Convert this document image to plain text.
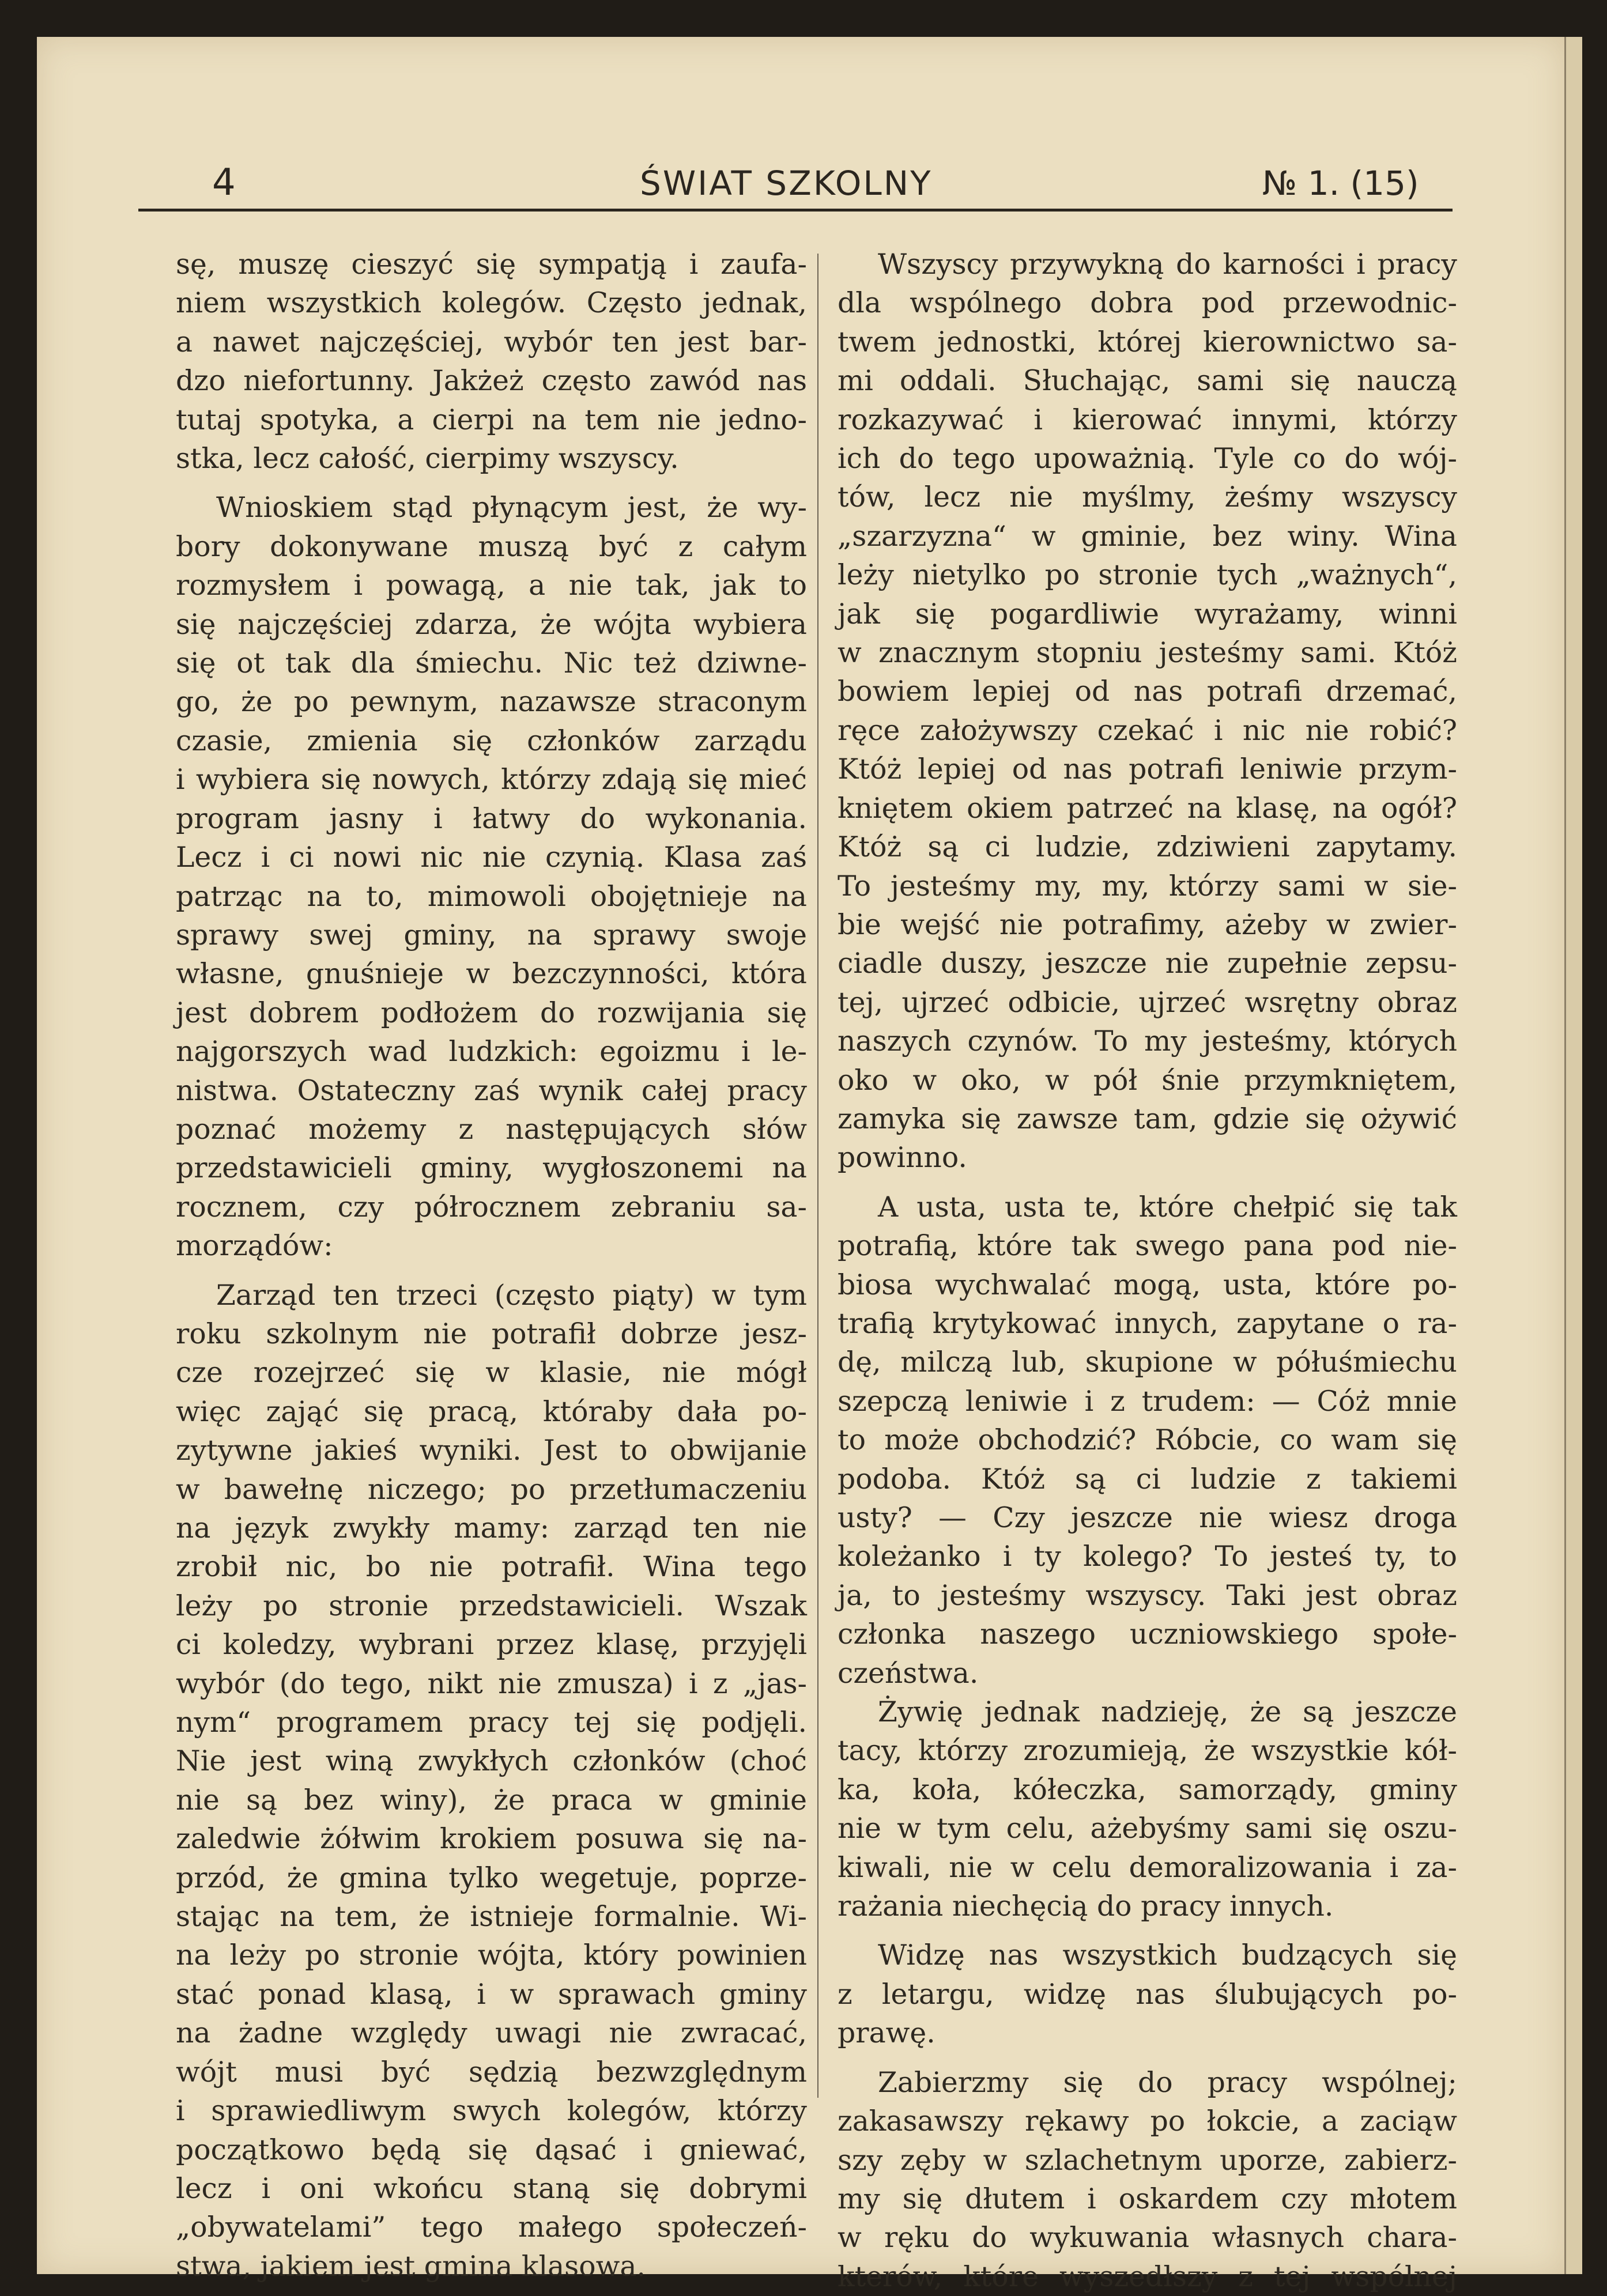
4	ŚWIAT SZKOLNY	№ 1. (15)

sę, muszę cieszyć się sympatją i zaufa-

niem wszystkich kolegów. Często jednak,

a nawet najczęściej, wybór ten jest bar-

dzo niefortunny. Jakżeż często zawód nas

tutaj spotyka, a cierpi na tem nie jedno-

stka, lecz całość, cierpimy wszyscy.

Wnioskiem stąd płynącym jest, że wy-

bory dokonywane muszą być z całym

rozmysłem i powagą, a nie tak, jak to

się najczęściej zdarza, że wójta wybiera

się ot tak dla śmiechu. Nic też dziwne-

go, że po pewnym, nazawsze straconym

czasie, zmienia się członków zarządu

i wybiera się nowych, którzy zdają się mieć

program jasny i łatwy do wykonania.

Lecz i ci nowi nic nie czynią. Klasa zaś

patrząc na to, mimowoli obojętnieje na

sprawy swej gminy, na sprawy swoje

własne, gnuśnieje w bezczynności, która

jest dobrem podłożem do rozwijania się

najgorszych wad ludzkich: egoizmu i le-

nistwa. Ostateczny zaś wynik całej pracy

poznać możemy z następujących słów

przedstawicieli gminy, wygłoszonemi na

rocznem, czy półrocznem zebraniu sa-

morządów:

Zarząd ten trzeci (często piąty) w tym

roku szkolnym nie potrafił dobrze jesz-

cze rozejrzeć się w klasie, nie mógł

więc zająć się pracą, któraby dała po-

zytywne jakieś wyniki. Jest to obwijanie

w bawełnę niczego; po przetłumaczeniu

na język zwykły mamy: zarząd ten nie

zrobił nic, bo nie potrafił. Wina tego

leży po stronie przedstawicieli. Wszak

ci koledzy, wybrani przez klasę, przyjęli

wybór (do tego, nikt nie zmusza) i z „jas-

nym“ programem pracy tej się podjęli.

Nie jest winą zwykłych członków (choć

nie są bez winy), że praca w gminie

zaledwie żółwim krokiem posuwa się na-

przód, że gmina tylko wegetuje, poprze-

stając na tem, że istnieje formalnie. Wi-

na leży po stronie wójta, który powinien

stać ponad klasą, i w sprawach gminy

na żadne względy uwagi nie zwracać,

wójt musi być sędzią bezwzględnym

i sprawiedliwym swych kolegów, którzy

początkowo będą się dąsać i gniewać,

lecz i oni wkońcu staną się dobrymi

„obywatelami” tego małego społeczeń-

stwa, jakiem jest gmina klasowa.

Wszyscy przywykną do karności i pracy

dla wspólnego dobra pod przewodnic-

twem jednostki, której kierownictwo sa-

mi oddali. Słuchając, sami się nauczą

rozkazywać i kierować innymi, którzy

ich do tego upoważnią. Tyle co do wój-

tów, lecz nie myślmy, żeśmy wszyscy

„szarzyzna“ w gminie, bez winy. Wina

leży nietylko po stronie tych „ważnych“,

jak się pogardliwie wyrażamy, winni

w znacznym stopniu jesteśmy sami. Któż

bowiem lepiej od nas potrafi drzemać,

ręce założywszy czekać i nic nie robić?

Któż lepiej od nas potrafi leniwie przym-

kniętem okiem patrzeć na klasę, na ogół?

Któż są ci ludzie, zdziwieni zapytamy.

To jesteśmy my, my, którzy sami w sie-

bie wejść nie potrafimy, ażeby w zwier-

ciadle duszy, jeszcze nie zupełnie zepsu-

tej, ujrzeć odbicie, ujrzeć wsrętny obraz

naszych czynów. To my jesteśmy, których

oko w oko, w pół śnie przymkniętem,

zamyka się zawsze tam, gdzie się ożywić

powinno.

A usta, usta te, które chełpić się tak

potrafią, które tak swego pana pod nie-

biosa wychwalać mogą, usta, które po-

trafią krytykować innych, zapytane o ra-

dę, milczą lub, skupione w półuśmiechu

szepczą leniwie i z trudem: — Cóż mnie

to może obchodzić? Róbcie, co wam się

podoba. Któż są ci ludzie z takiemi

usty? — Czy jeszcze nie wiesz droga

koleżanko i ty kolego? To jesteś ty, to

ja, to jesteśmy wszyscy. Taki jest obraz

członka naszego uczniowskiego społe-

czeństwa.

Żywię jednak nadzieję, że są jeszcze

tacy, którzy zrozumieją, że wszystkie kół-

ka, koła, kółeczka, samorządy, gminy

nie w tym celu, ażebyśmy sami się oszu-

kiwali, nie w celu demoralizowania i za-

rażania niechęcią do pracy innych.

Widzę nas wszystkich budzących się

z letargu, widzę nas ślubujących po-

prawę.

Zabierzmy się do pracy wspólnej;

zakasawszy rękawy po łokcie, a zaciąw

szy zęby w szlachetnym uporze, zabierz-

my się dłutem i oskardem czy młotem

w ręku do wykuwania własnych chara-

kterów, które wyszedłszy z tej wspólnej
